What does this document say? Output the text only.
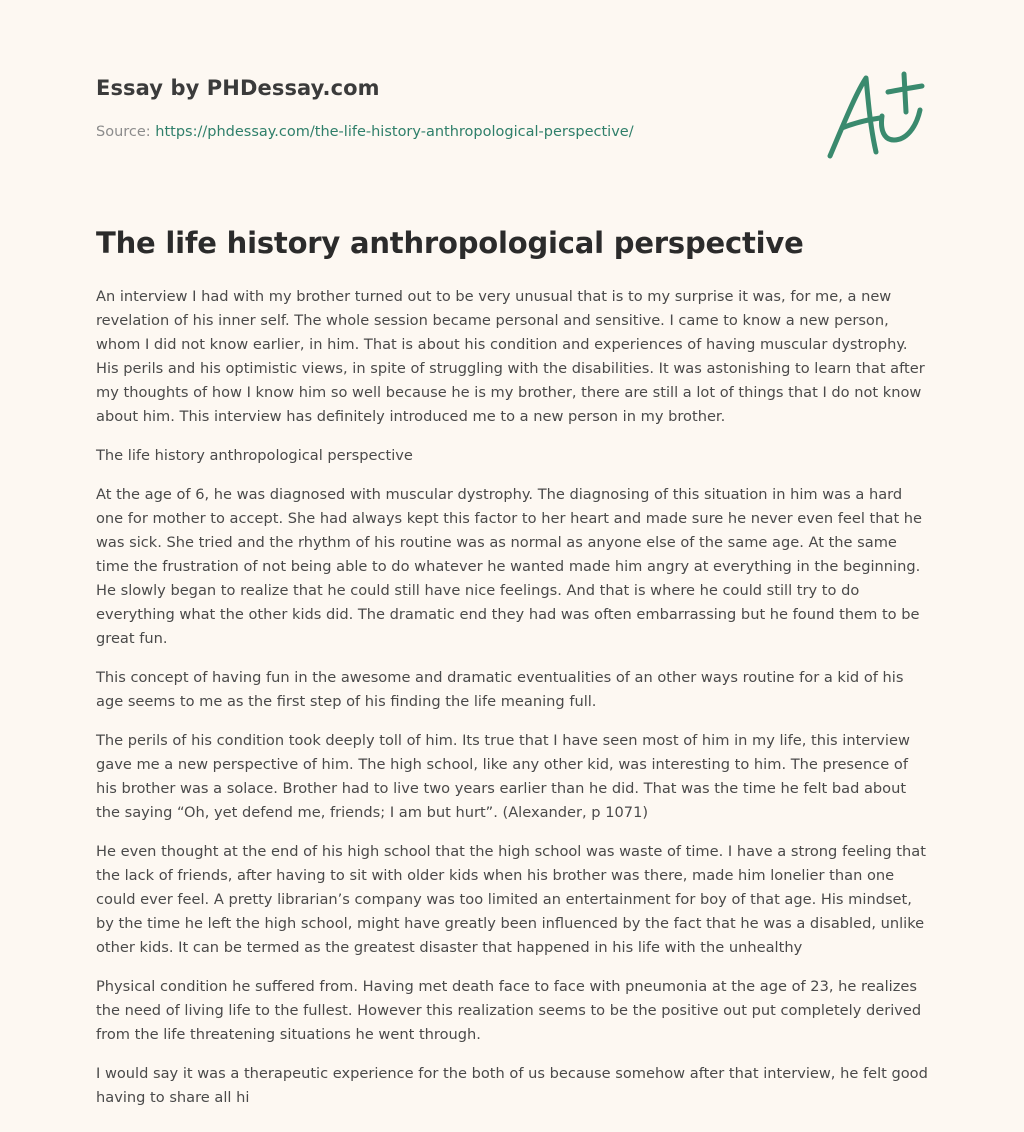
Essay by PHDessay.com
Source: https://phdessay.com/the-life-history-anthropological-perspective/
The life history anthropological perspective

An interview I had with my brother turned out to be very unusual that is to my surprise it was, for me, a new revelation of his inner self. The whole session became personal and sensitive. I came to know a new person, whom I did not know earlier, in him. That is about his condition and experiences of having muscular dystrophy. His perils and his optimistic views, in spite of struggling with the disabilities. It was astonishing to learn that after my thoughts of how I know him so well because he is my brother, there are still a lot of things that I do not know about him. This interview has definitely introduced me to a new person in my brother.

The life history anthropological perspective

At the age of 6, he was diagnosed with muscular dystrophy. The diagnosing of this situation in him was a hard one for mother to accept. She had always kept this factor to her heart and made sure he never even feel that he was sick. She tried and the rhythm of his routine was as normal as anyone else of the same age. At the same time the frustration of not being able to do whatever he wanted made him angry at everything in the beginning. He slowly began to realize that he could still have nice feelings. And that is where he could still try to do everything what the other kids did. The dramatic end they had was often embarrassing but he found them to be great fun.

This concept of having fun in the awesome and dramatic eventualities of an other ways routine for a kid of his age seems to me as the first step of his finding the life meaning full.

The perils of his condition took deeply toll of him. Its true that I have seen most of him in my life, this interview gave me a new perspective of him. The high school, like any other kid, was interesting to him. The presence of his brother was a solace. Brother had to live two years earlier than he did. That was the time he felt bad about the saying “Oh, yet defend me, friends; I am but hurt”. (Alexander, p 1071)

He even thought at the end of his high school that the high school was waste of time. I have a strong feeling that the lack of friends, after having to sit with older kids when his brother was there, made him lonelier than one could ever feel. A pretty librarian’s company was too limited an entertainment for boy of that age. His mindset, by the time he left the high school, might have greatly been influenced by the fact that he was a disabled, unlike other kids. It can be termed as the greatest disaster that happened in his life with the unhealthy

Physical condition he suffered from. Having met death face to face with pneumonia at the age of 23, he realizes the need of living life to the fullest. However this realization seems to be the positive out put completely derived from the life threatening situations he went through.

I would say it was a therapeutic experience for the both of us because somehow after that interview, he felt good having to share all hi
